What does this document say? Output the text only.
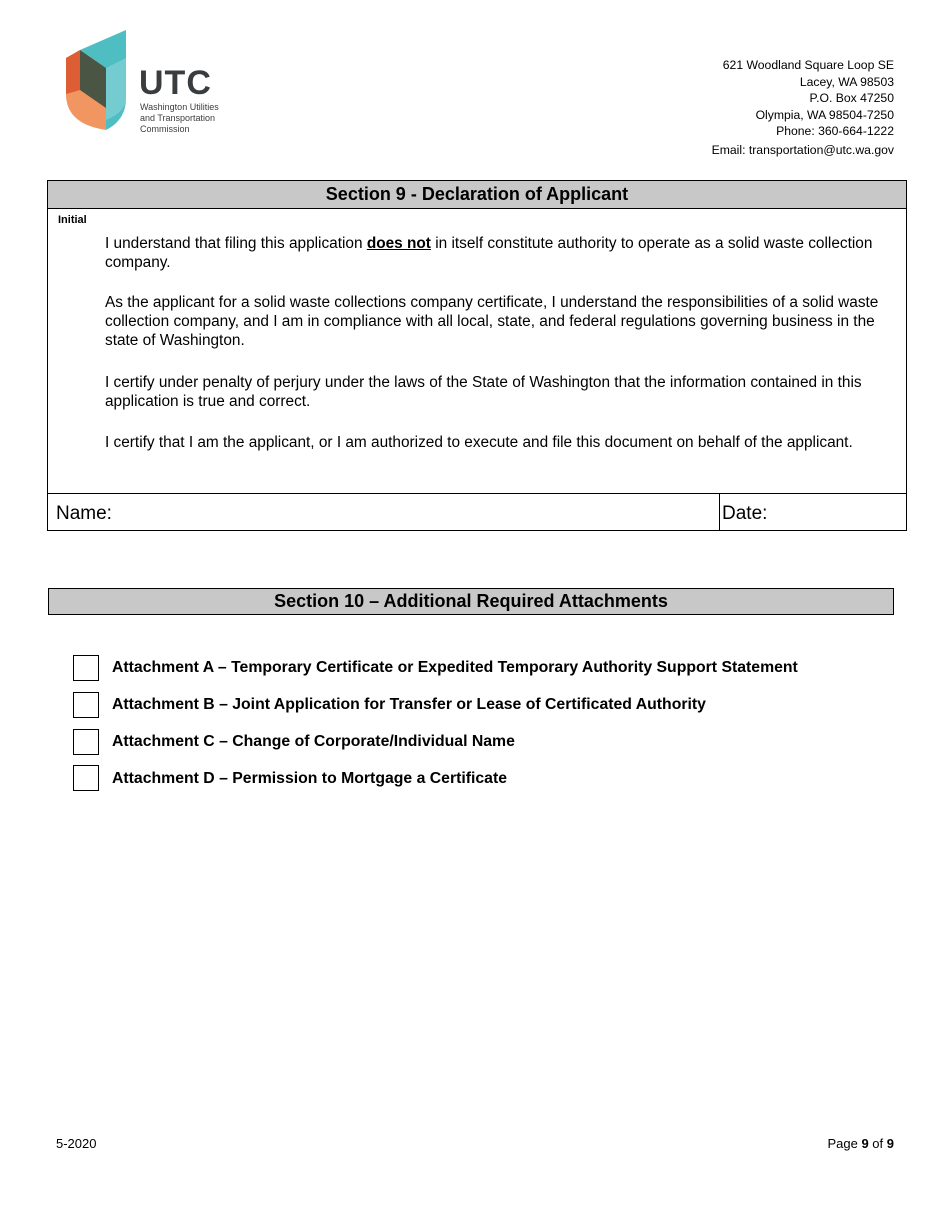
UTC
Washington Utilities
and Transportation
Commission
621 Woodland Square Loop SE
Lacey, WA 98503
P.O. Box 47250
Olympia, WA 98504-7250
Phone: 360-664-1222
Email: transportation@utc.wa.gov
Section 9 - Declaration of Applicant
Initial
I understand that filing this application does not in itself constitute authority to operate as a solid waste collection company.
As the applicant for a solid waste collections company certificate, I understand the responsibilities of a solid waste collection company, and I am in compliance with all local, state, and federal regulations governing business in the state of Washington.
I certify under penalty of perjury under the laws of the State of Washington that the information contained in this application is true and correct.
I certify that I am the applicant, or I am authorized to execute and file this document on behalf of the applicant.
Name:	Date:
Section 10 – Additional Required Attachments
Attachment A – Temporary Certificate or Expedited Temporary Authority Support Statement
Attachment B – Joint Application for Transfer or Lease of Certificated Authority
Attachment C – Change of Corporate/Individual Name
Attachment D – Permission to Mortgage a Certificate
5-2020	Page 9 of 9
